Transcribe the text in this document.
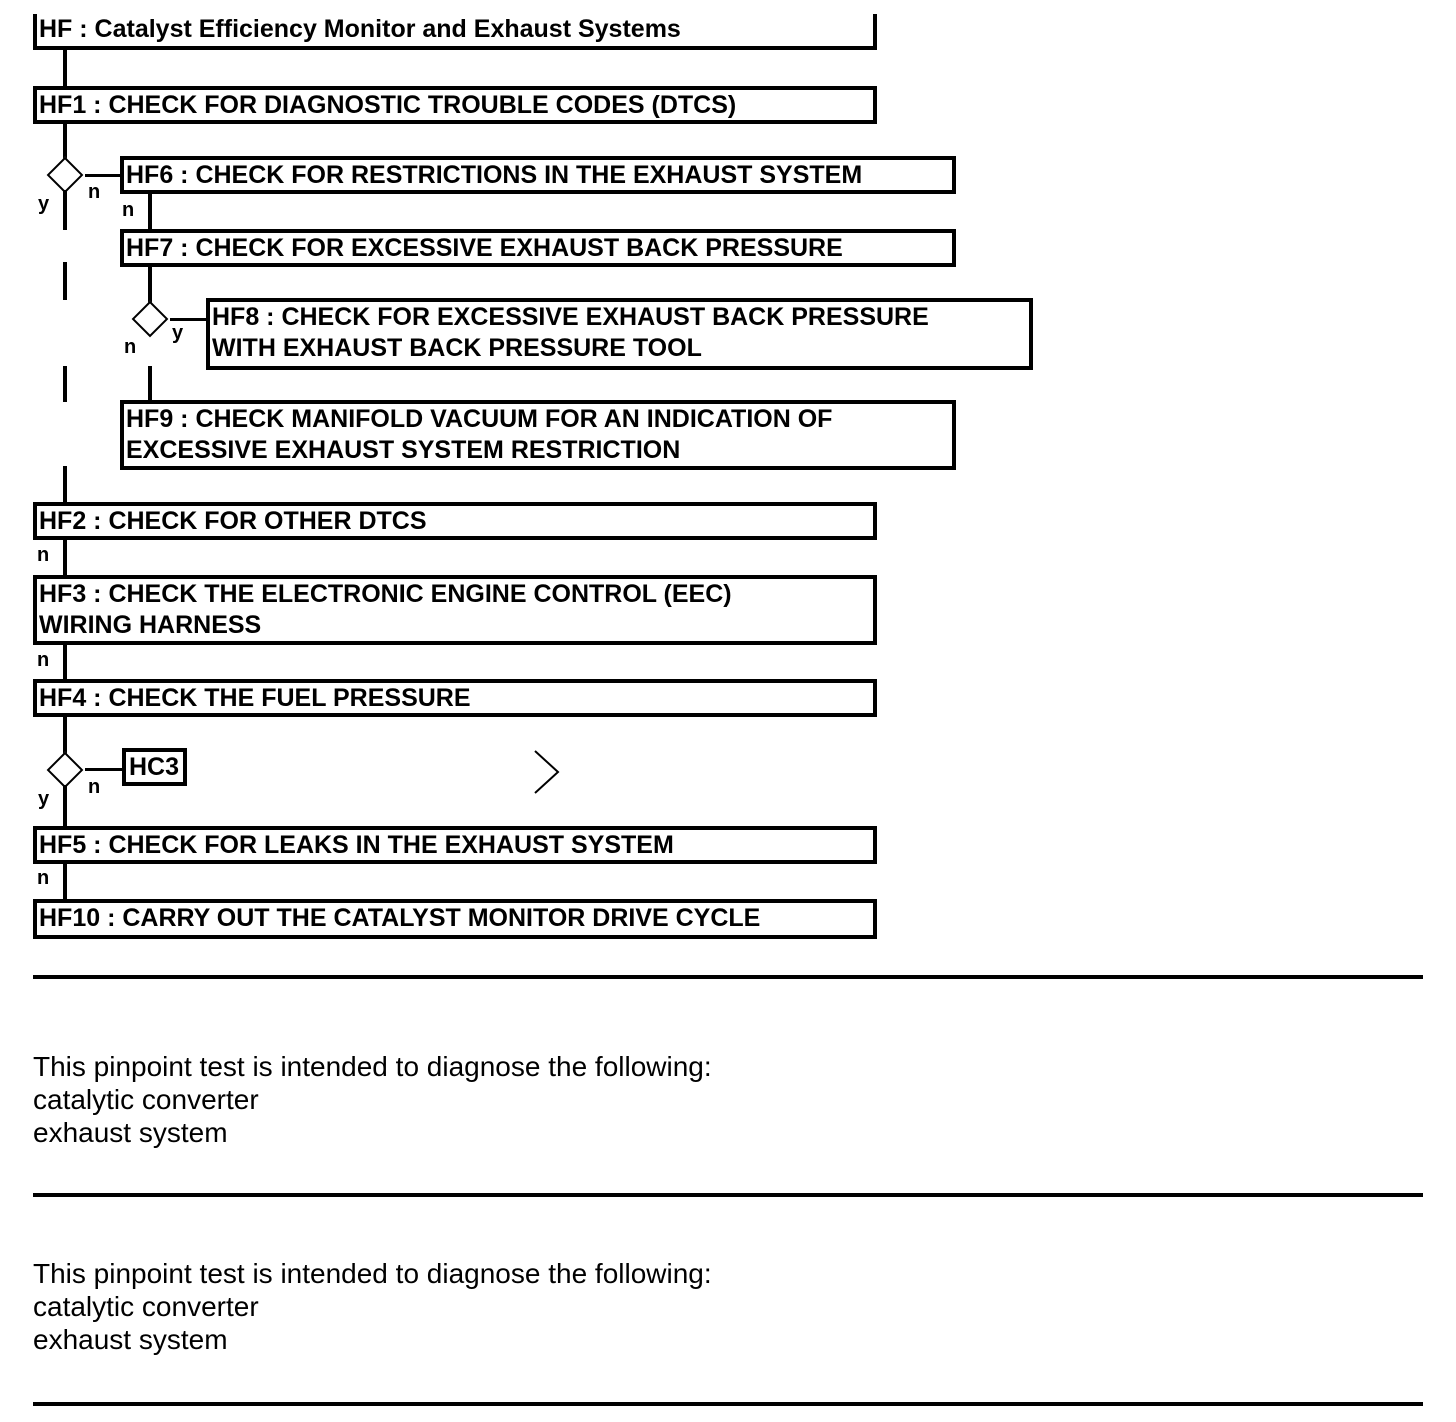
HF : Catalyst Efficiency Monitor and Exhaust Systems
HF1 : CHECK FOR DIAGNOSTIC TROUBLE CODES (DTCS)
y
n
HF6 : CHECK FOR RESTRICTIONS IN THE EXHAUST SYSTEM
n
HF7 : CHECK FOR EXCESSIVE EXHAUST BACK PRESSURE
n
y
HF8 : CHECK FOR EXCESSIVE EXHAUST BACK PRESSURE
WITH EXHAUST BACK PRESSURE TOOL
HF9 : CHECK MANIFOLD VACUUM FOR AN INDICATION OF
EXCESSIVE EXHAUST SYSTEM RESTRICTION
HF2 : CHECK FOR OTHER DTCS
n
HF3 : CHECK THE ELECTRONIC ENGINE CONTROL (EEC)
WIRING HARNESS
n
HF4 : CHECK THE FUEL PRESSURE
n
y
HC3
HF5 : CHECK FOR LEAKS IN THE EXHAUST SYSTEM
n
HF10 : CARRY OUT THE CATALYST MONITOR DRIVE CYCLE
This pinpoint test is intended to diagnose the following:
catalytic converter
exhaust system
This pinpoint test is intended to diagnose the following:
catalytic converter
exhaust system
